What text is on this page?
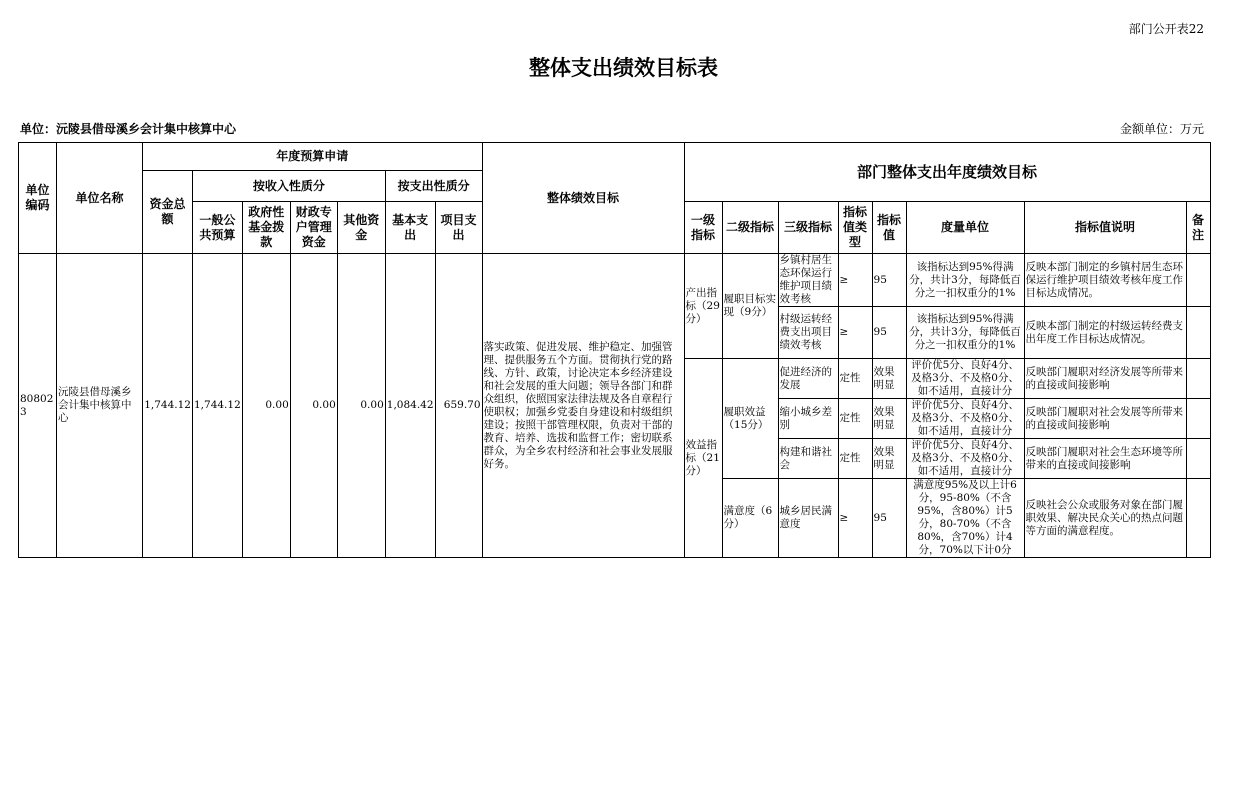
部门公开表22
整体支出绩效目标表
单位：沅陵县借母溪乡会计集中核算中心	金额单位：万元
单位编码	单位名称	年度预算申请							整体绩效目标	部门整体支出年度绩效目标							
		资金总额	按收入性质分				按支出性质分										
			一般公共预算	政府性基金拨款	财政专户管理资金	其他资金	基本支出	项目支出		一级指标	二级指标	三级指标	指标值类型	指标值	度量单位	指标值说明	备注
808023	沅陵县借母溪乡会计集中核算中心	1,744.12	1,744.12	0.00	0.00	0.00	1,084.42	659.70	落实政策、促进发展、维护稳定、加强管理、提供服务五个方面。贯彻执行党的路线、方针、政策，讨论决定本乡经济建设和社会发展的重大问题；领导各部门和群众组织，依照国家法律法规及各自章程行使职权；加强乡党委自身建设和村级组织建设；按照干部管理权限，负责对干部的教育、培养、选拔和监督工作；密切联系群众，为全乡农村经济和社会事业发展服好务。	产出指标（29分）	履职目标实现（9分）	乡镇村居生态环保运行维护项目绩效考核	≥	95	该指标达到95%得满分，共计3分，每降低百分之一扣权重分的1%	反映本部门制定的乡镇村居生态环保运行维护项目绩效考核年度工作目标达成情况。	
												村级运转经费支出项目绩效考核	≥	95	该指标达到95%得满分，共计3分，每降低百分之一扣权重分的1%	反映本部门制定的村级运转经费支出年度工作目标达成情况。	
										效益指标（21分）	履职效益（15分）	促进经济的发展	定性	效果明显	评价优5分、良好4分、及格3分、不及格0分、如不适用，直接计分	反映部门履职对经济发展等所带来的直接或间接影响	
												缩小城乡差别	定性	效果明显	评价优5分、良好4分、及格3分、不及格0分、如不适用，直接计分	反映部门履职对社会发展等所带来的直接或间接影响	
												构建和谐社会	定性	效果明显	评价优5分、良好4分、及格3分、不及格0分、如不适用，直接计分	反映部门履职对社会生态环境等所带来的直接或间接影响	
											满意度（6分）	城乡居民满意度	≥	95	满意度95%及以上计6分，95-80%（不含95%，含80%）计5分，80-70%（不含80%，含70%）计4分，70%以下计0分	反映社会公众或服务对象在部门履职效果、解决民众关心的热点问题等方面的满意程度。	
